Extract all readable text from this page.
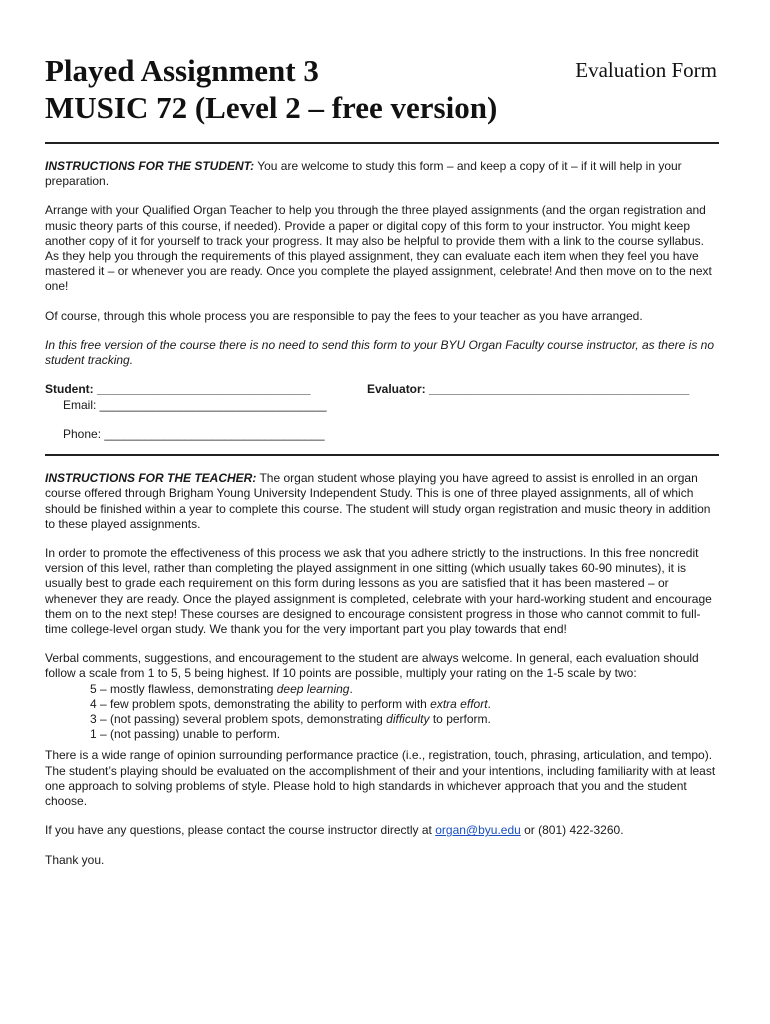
Played Assignment 3
MUSIC 72 (Level 2 – free version)
Evaluation Form

INSTRUCTIONS FOR THE STUDENT: You are welcome to study this form – and keep a copy of it – if it will help in your preparation.

Arrange with your Qualified Organ Teacher to help you through the three played assignments (and the organ registration and music theory parts of this course, if needed). Provide a paper or digital copy of this form to your instructor. You might keep another copy of it for yourself to track your progress. It may also be helpful to provide them with a link to the course syllabus. As they help you through the requirements of this played assignment, they can evaluate each item when they feel you have mastered it – or whenever you are ready. Once you complete the played assignment, celebrate! And then move on to the next one!

Of course, through this whole process you are responsible to pay the fees to your teacher as you have arranged.

In this free version of the course there is no need to send this form to your BYU Organ Faculty course instructor, as there is no student tracking.

Student: ________________________________	Evaluator: _______________________________________
Email: __________________________________
Phone: _________________________________

INSTRUCTIONS FOR THE TEACHER: The organ student whose playing you have agreed to assist is enrolled in an organ course offered through Brigham Young University Independent Study. This is one of three played assignments, all of which should be finished within a year to complete this course. The student will study organ registration and music theory in addition to these played assignments.

In order to promote the effectiveness of this process we ask that you adhere strictly to the instructions. In this free noncredit version of this level, rather than completing the played assignment in one sitting (which usually takes 60-90 minutes), it is usually best to grade each requirement on this form during lessons as you are satisfied that it has been mastered – or whenever they are ready. Once the played assignment is completed, celebrate with your hard-working student and encourage them on to the next step! These courses are designed to encourage consistent progress in those who cannot commit to full-time college-level organ study. We thank you for the very important part you play towards that end!

Verbal comments, suggestions, and encouragement to the student are always welcome. In general, each evaluation should follow a scale from 1 to 5, 5 being highest. If 10 points are possible, multiply your rating on the 1-5 scale by two:

5 – mostly flawless, demonstrating deep learning.
4 – few problem spots, demonstrating the ability to perform with extra effort.
3 – (not passing) several problem spots, demonstrating difficulty to perform.
1 – (not passing) unable to perform.

There is a wide range of opinion surrounding performance practice (i.e., registration, touch, phrasing, articulation, and tempo). The student’s playing should be evaluated on the accomplishment of their and your intentions, including familiarity with at least one approach to solving problems of style. Please hold to high standards in whichever approach that you and the student choose.

If you have any questions, please contact the course instructor directly at organ@byu.edu or (801) 422-3260.

Thank you.
